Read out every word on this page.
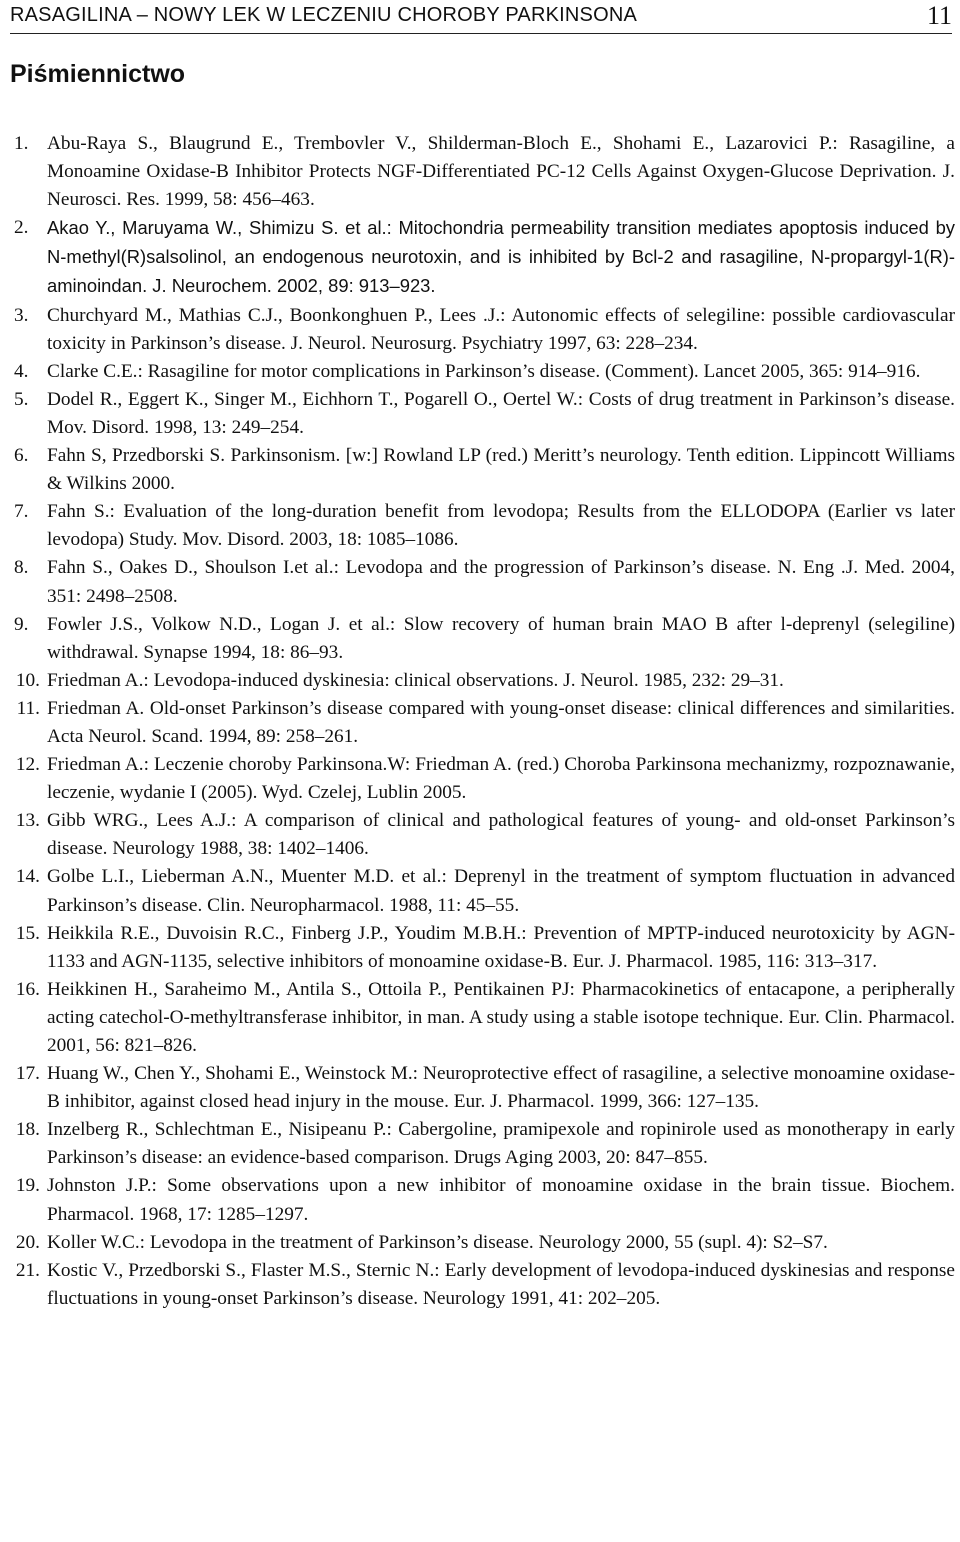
RASAGILINA – NOWY LEK W LECZENIU CHOROBY PARKINSONA	11
Piśmiennictwo
1. Abu-Raya S., Blaugrund E., Trembovler V., Shilderman-Bloch E., Shohami E., Lazarovici P.: Rasagiline, a Monoamine Oxidase-B Inhibitor Protects NGF-Differentiated PC-12 Cells Against Oxygen-Glucose Deprivation. J. Neurosci. Res. 1999, 58: 456–463.
2.	Akao Y., Maruyama W., Shimizu S. et al.: Mitochondria permeability transition mediates apoptosis induced by N-methyl(R)salsolinol, an endogenous neurotoxin, and is inhibited by Bcl-2 and rasagiline, N-propargyl-1(R)-aminoindan. J. Neurochem. 2002, 89: 913–923.
3. Churchyard M., Mathias C.J., Boonkonghuen P., Lees .J.: Autonomic effects of selegiline: possible cardiovascular toxicity in Parkinson’s disease. J. Neurol. Neurosurg. Psychiatry 1997, 63: 228–234.
4. Clarke C.E.: Rasagiline for motor complications in Parkinson’s disease. (Comment). Lancet 2005, 365: 914–916.
5. Dodel R., Eggert K., Singer M., Eichhorn T., Pogarell O., Oertel W.: Costs of drug treatment in Parkinson’s disease. Mov. Disord. 1998, 13: 249–254.
6. Fahn S, Przedborski S. Parkinsonism. [w:] Rowland LP (red.) Meritt’s neurology. Tenth edition. Lippincott Williams & Wilkins 2000.
7. Fahn S.: Evaluation of the long-duration benefit from levodopa; Results from the ELLODOPA (Earlier vs later levodopa) Study. Mov. Disord. 2003, 18: 1085–1086.
8. Fahn S., Oakes D., Shoulson I.et al.: Levodopa and the progression of Parkinson’s disease. N. Eng .J. Med. 2004, 351: 2498–2508.
9. Fowler J.S., Volkow N.D., Logan J. et al.: Slow recovery of human brain MAO B after l-deprenyl (selegiline) withdrawal. Synapse 1994, 18: 86–93.
10. Friedman A.: Levodopa-induced dyskinesia: clinical observations. J. Neurol. 1985, 232: 29–31.
11. Friedman A. Old-onset Parkinson’s disease compared with young-onset disease: clinical differences and similarities. Acta Neurol. Scand. 1994, 89: 258–261.
12. Friedman A.: Leczenie choroby Parkinsona.W: Friedman A. (red.) Choroba Parkinsona mechanizmy, rozpoznawanie, leczenie, wydanie I (2005). Wyd. Czelej, Lublin 2005.
13. Gibb WRG., Lees A.J.: A comparison of clinical and pathological features of young- and old-onset Parkinson’s disease. Neurology 1988, 38: 1402–1406.
14. Golbe L.I., Lieberman A.N., Muenter M.D. et al.: Deprenyl in the treatment of symptom fluctuation in advanced Parkinson’s disease. Clin. Neuropharmacol. 1988, 11: 45–55.
15. Heikkila R.E., Duvoisin R.C., Finberg J.P., Youdim M.B.H.: Prevention of MPTP-induced neurotoxicity by AGN-1133 and AGN-1135, selective inhibitors of monoamine oxidase-B. Eur. J. Pharmacol. 1985, 116: 313–317.
16. Heikkinen H., Saraheimo M., Antila S., Ottoila P., Pentikainen PJ: Pharmacokinetics of entacapone, a peripherally acting catechol-O-methyltransferase inhibitor, in man. A study using a stable isotope technique. Eur. Clin. Pharmacol. 2001, 56: 821–826.
17. Huang W., Chen Y., Shohami E., Weinstock M.: Neuroprotective effect of rasagiline, a selective monoamine oxidase-B inhibitor, against closed head injury in the mouse. Eur. J. Pharmacol. 1999, 366: 127–135.
18. Inzelberg R., Schlechtman E., Nisipeanu P.: Cabergoline, pramipexole and ropinirole used as monotherapy in early Parkinson’s disease: an evidence-based comparison. Drugs Aging 2003, 20: 847–855.
19. Johnston J.P.: Some observations upon a new inhibitor of monoamine oxidase in the brain tissue. Biochem. Pharmacol. 1968, 17: 1285–1297.
20. Koller W.C.: Levodopa in the treatment of Parkinson’s disease. Neurology 2000, 55 (supl. 4): S2–S7.
21. Kostic V., Przedborski S., Flaster M.S., Sternic N.: Early development of levodopa-induced dyskinesias and response fluctuations in young-onset Parkinson’s disease. Neurology 1991, 41: 202–205.
